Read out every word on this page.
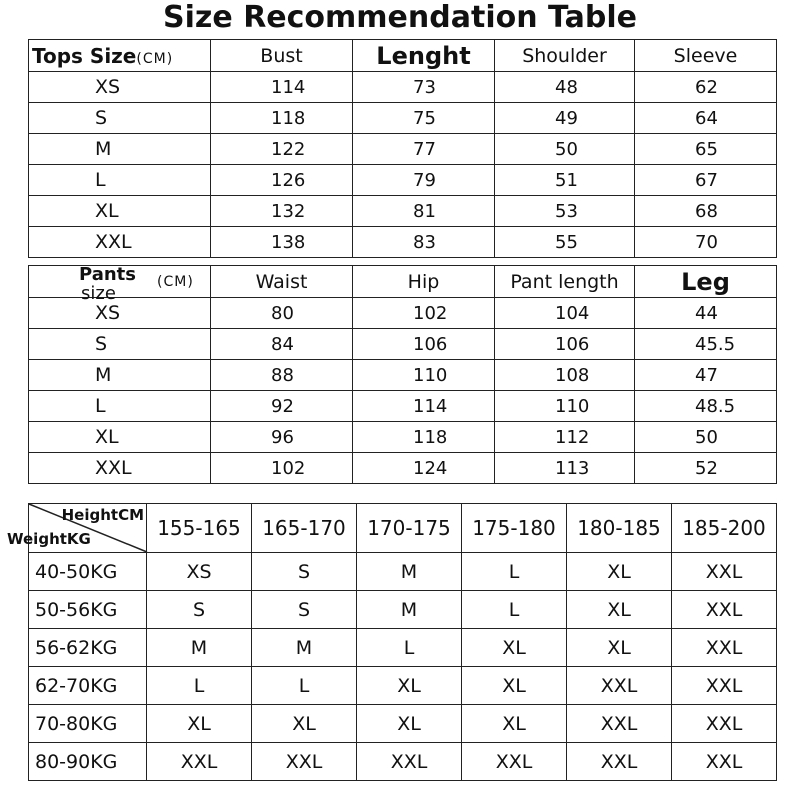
Size Recommendation Table
Tops Size(CM)	Bust	Lenght	Shoulder	Sleeve
XS	114	73	48	62
S	118	75	49	64
M	122	77	50	65
L	126	79	51	67
XL	132	81	53	68
XXL	138	83	55	70
Pants
size
(CM)	Waist	Hip	Pant length	Leg
XS	80	102	104	44
S	84	106	106	45.5
M	88	110	108	47
L	92	114	110	48.5
XL	96	118	112	50
XXL	102	124	113	52
HeightCM
WeightKG	155-165	165-170	170-175	175-180	180-185	185-200
40-50KG	XS	S	M	L	XL	XXL
50-56KG	S	S	M	L	XL	XXL
56-62KG	M	M	L	XL	XL	XXL
62-70KG	L	L	XL	XL	XXL	XXL
70-80KG	XL	XL	XL	XL	XXL	XXL
80-90KG	XXL	XXL	XXL	XXL	XXL	XXL
